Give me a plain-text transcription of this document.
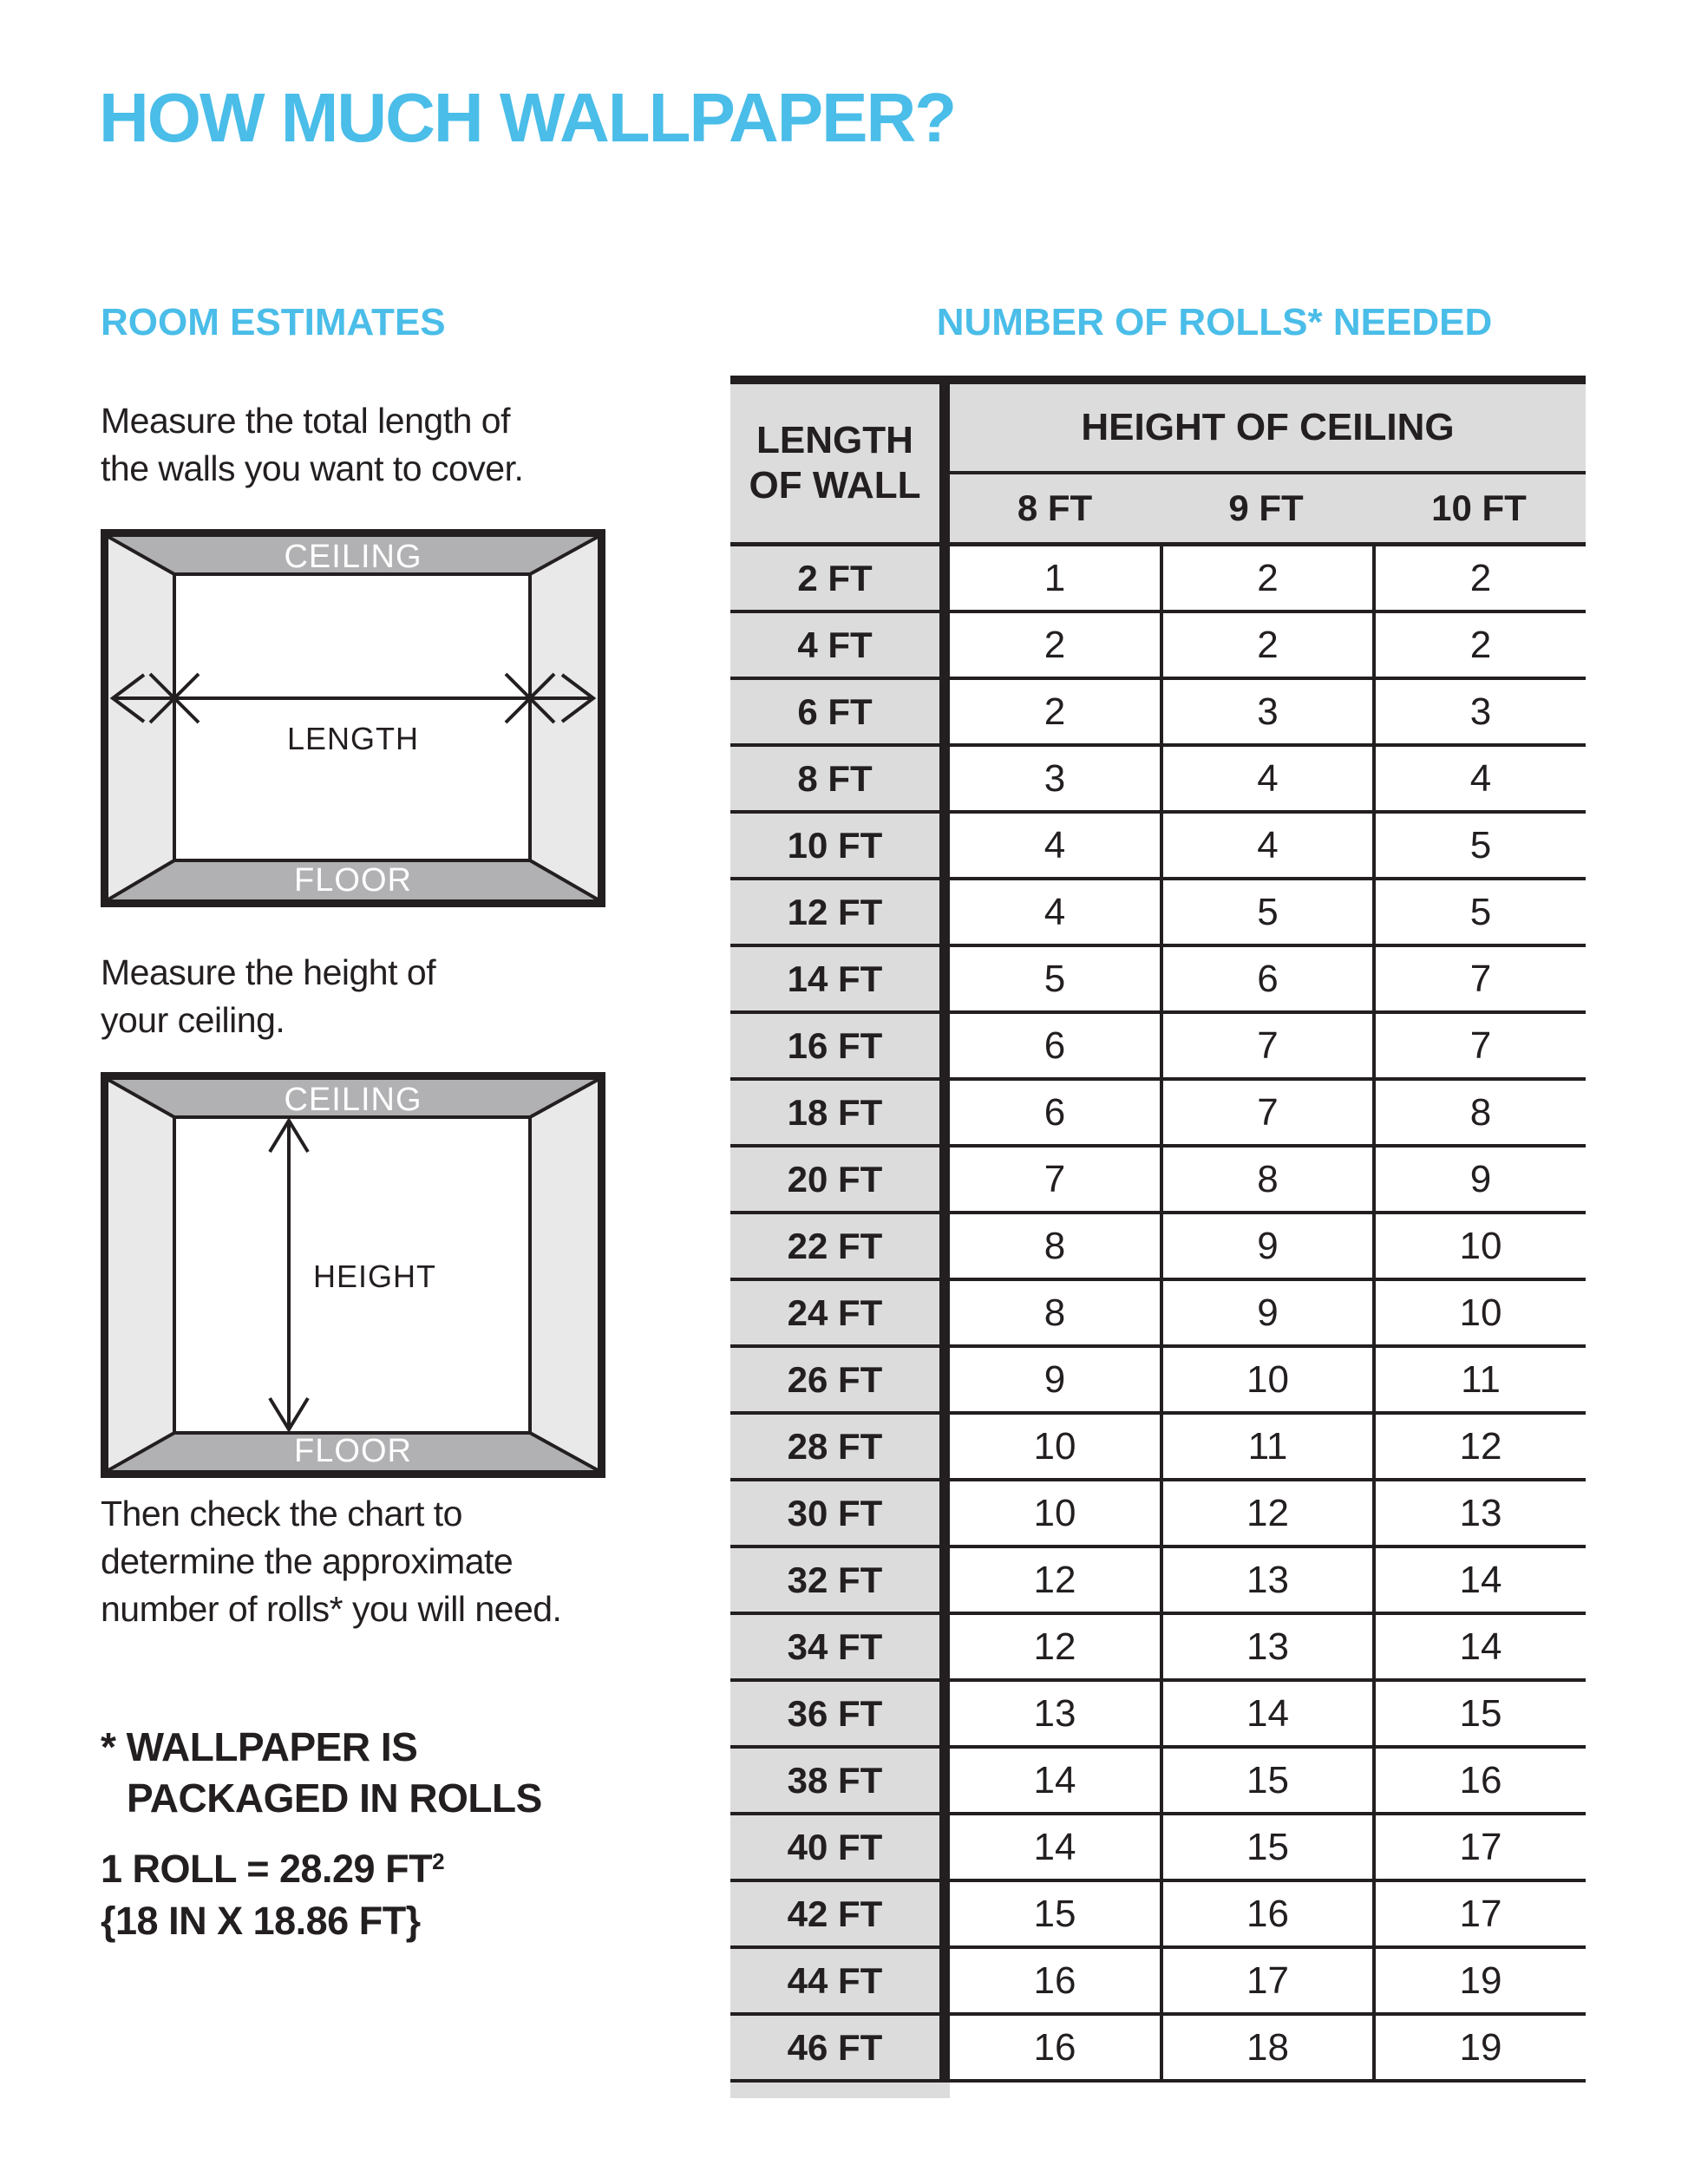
HOW MUCH WALLPAPER?
ROOM ESTIMATES
Measure the total length of
the walls you want to cover.
CEILING
FLOOR
LENGTH
Measure the height of
your ceiling.
CEILING
FLOOR
HEIGHT
Then check the chart to
determine the approximate
number of rolls* you will need.
* WALLPAPER IS
PACKAGED IN ROLLS
1 ROLL = 28.29 $FT^2$
{18 IN X 18.86 FT}
NUMBER OF ROLLS* NEEDED
LENGTH
OF WALL
HEIGHT OF CEILING
8 FT	9 FT	10 FT
2 FT	1	2	2
4 FT	2	2	2
6 FT	2	3	3
8 FT	3	4	4
10 FT	4	4	5
12 FT	4	5	5
14 FT	5	6	7
16 FT	6	7	7
18 FT	6	7	8
20 FT	7	8	9
22 FT	8	9	10
24 FT	8	9	10
26 FT	9	10	11
28 FT	10	11	12
30 FT	10	12	13
32 FT	12	13	14
34 FT	12	13	14
36 FT	13	14	15
38 FT	14	15	16
40 FT	14	15	17
42 FT	15	16	17
44 FT	16	17	19
46 FT	16	18	19
